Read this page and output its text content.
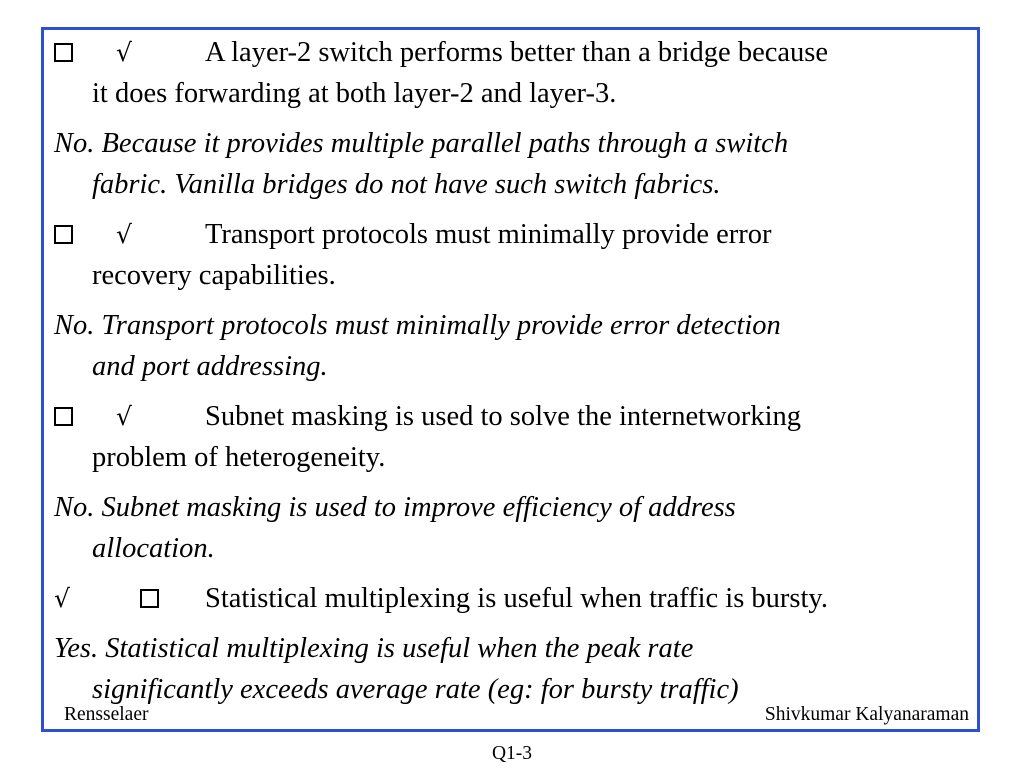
√	A layer-2 switch performs better than a bridge because
it does forwarding at both layer-2 and layer-3.
No. Because it provides multiple parallel paths through a switch
fabric. Vanilla bridges do not have such switch fabrics.
√	Transport protocols must minimally provide error
recovery capabilities.
No. Transport protocols must minimally provide error detection
and port addressing.
√	Subnet masking is used to solve the internetworking
problem of heterogeneity.
No. Subnet masking is used to improve efficiency of address
allocation.
√	Statistical multiplexing is useful when traffic is bursty.
Yes. Statistical multiplexing is useful when the peak rate
significantly exceeds average rate (eg: for bursty traffic)
Rensselaer	Shivkumar Kalyanaraman
Q1-3
